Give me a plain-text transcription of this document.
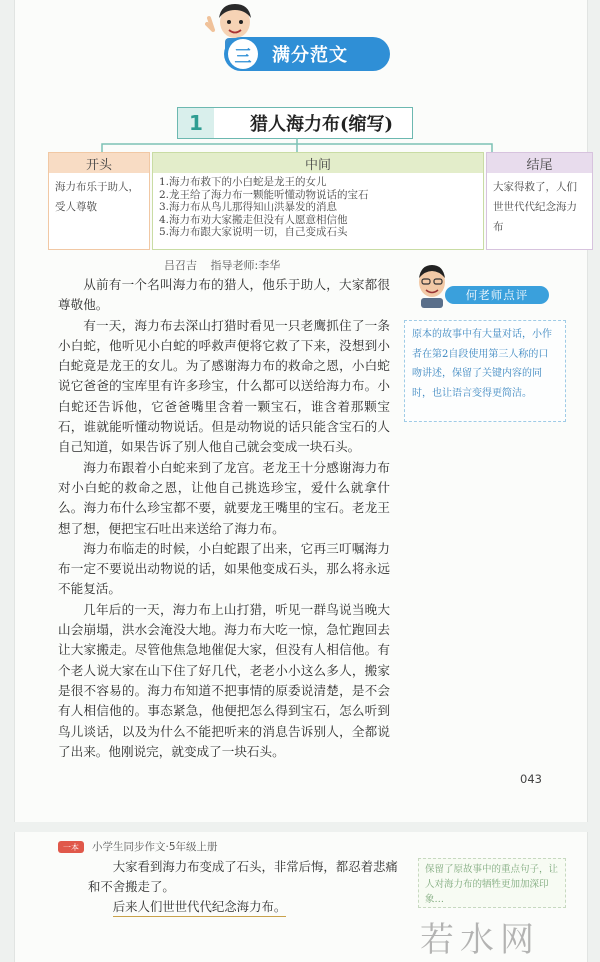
三	满分范文
1	猎人海力布(缩写)
开头
海力布乐于助人，受人尊敬
中间
1.海力布救下的小白蛇是龙王的女儿
2.龙王给了海力布一颗能听懂动物说话的宝石
3.海力布从鸟儿那得知山洪暴发的消息
4.海力布劝大家搬走但没有人愿意相信他
5.海力布跟大家说明一切，自己变成石头
结尾
大家得救了，人们世世代代纪念海力布
吕召吉 指导老师:李华

从前有一个名叫海力布的猎人，他乐于助人，大家都很尊敬他。

有一天，海力布去深山打猎时看见一只老鹰抓住了一条小白蛇，他听见小白蛇的呼救声便将它救了下来，没想到小白蛇竟是龙王的女儿。为了感谢海力布的救命之恩，小白蛇说它爸爸的宝库里有许多珍宝，什么都可以送给海力布。小白蛇还告诉他，它爸爸嘴里含着一颗宝石，谁含着那颗宝石，谁就能听懂动物说话。但是动物说的话只能含宝石的人自己知道，如果告诉了别人他自己就会变成一块石头。

海力布跟着小白蛇来到了龙宫。老龙王十分感谢海力布对小白蛇的救命之恩，让他自己挑选珍宝，爱什么就拿什么。海力布什么珍宝都不要，就要龙王嘴里的宝石。老龙王想了想，便把宝石吐出来送给了海力布。

海力布临走的时候，小白蛇跟了出来，它再三叮嘱海力布一定不要说出动物说的话，如果他变成石头，那么将永远不能复活。

几年后的一天，海力布上山打猎，听见一群鸟说当晚大山会崩塌，洪水会淹没大地。海力布大吃一惊，急忙跑回去让大家搬走。尽管他焦急地催促大家，但没有人相信他。有个老人说大家在山下住了好几代，老老小小这么多人，搬家是很不容易的。海力布知道不把事情的原委说清楚，是不会有人相信他的。事态紧急，他便把怎么得到宝石，怎么听到鸟儿谈话，以及为什么不能把听来的消息告诉别人，全都说了出来。他刚说完，就变成了一块石头。

何老师点评
原本的故事中有大量对话，小作者在第2自段使用第三人称的口吻讲述，保留了关键内容的同时，也让语言变得更简洁。
043
一本	小学生同步作文·5年级上册

　　大家看到海力布变成了石头，非常后悔，都忍着悲痛和不舍搬走了。

　　后来人们世世代代纪念海力布。

保留了原故事中的重点句子，让人对海力布的牺牲更加加深印象…
若水网
